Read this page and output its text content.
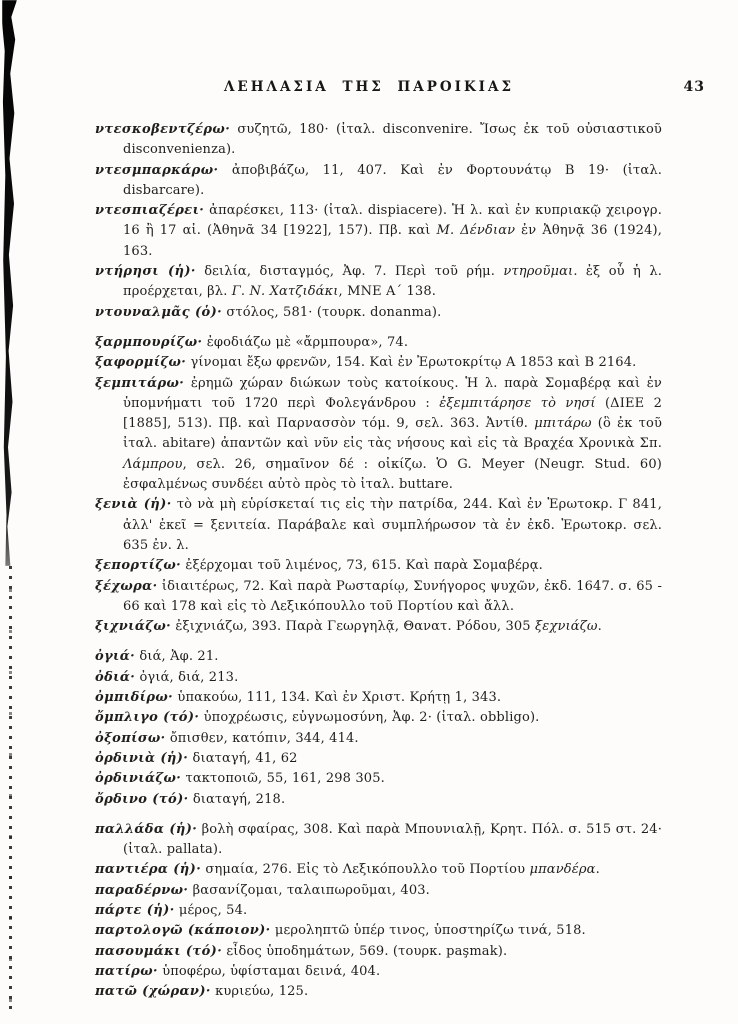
ΛΕΗΛΑΣΙΑ ΤΗΣ ΠΑΡΟΙΚΙΑΣ	43

ντεσκοβεντζέρω· συζητῶ, 180· (ἰταλ. disconvenire. Ἴσως ἐκ τοῦ οὐσιαστικοῦ disconvenienza).

ντεσμπαρκάρω· ἀποβιβάζω, 11, 407. Καὶ ἐν Φορτουνάτῳ Β 19· (ἰταλ. disbarcare).

ντεσπιαζέρει· ἀπαρέσκει, 113· (ἰταλ. dispiacere). Ἡ λ. καὶ ἐν κυπριακῷ χειρογρ. 16 ἢ 17 αἰ. (Ἀθηνᾶ 34 [1922], 157). Πβ. καὶ Μ. Δένδιαν ἐν Ἀθηνᾷ 36 (1924), 163.

ντήρησι (ἡ)· δειλία, δισταγμός, Ἀφ. 7. Περὶ τοῦ ρήμ. ντηροῦμαι. ἐξ οὗ ἡ λ. προέρχεται, βλ. Γ. Ν. Χατζιδάκι, ΜΝΕ Α´ 138.

ντουναλμᾶς (ὁ)· στόλος, 581· (τουρκ. donanma).

ξαρμπουρίζω· ἐφοδιάζω μὲ «ἄρμπουρα», 74.

ξαφορμίζω· γίνομαι ἔξω φρενῶν, 154. Καὶ ἐν Ἐρωτοκρίτῳ Α 1853 καὶ Β 2164.

ξεμπιτάρω· ἐρημῶ χώραν διώκων τοὺς κατοίκους. Ἡ λ. παρὰ Σομαβέρᾳ καὶ ἐν ὑπομνήματι τοῦ 1720 περὶ Φολεγάνδρου : ἐξεμπιτάρησε τὸ νησί (ΔΙΕΕ 2 [1885], 513). Πβ. καὶ Παρνασσὸν τόμ. 9, σελ. 363. Ἀντίθ. μπιτάρω (ὃ ἐκ τοῦ ἰταλ. abitare) ἀπαντῶν καὶ νῦν εἰς τὰς νήσους καὶ εἰς τὰ Βραχέα Χρονικὰ Σπ. Λάμπρου, σελ. 26, σημαῖνον δέ : οἰκίζω. Ὁ G. Meyer (Neugr. Stud. 60) ἐσφαλμένως συνδέει αὐτὸ πρὸς τὸ ἰταλ. buttare.

ξενιὰ (ἡ)· τὸ νὰ μὴ εὑρίσκεταί τις εἰς τὴν πατρίδα, 244. Καὶ ἐν Ἐρωτοκρ. Γ 841, ἀλλ' ἐκεῖ = ξενιτεία. Παράβαλε καὶ συμπλήρωσον τὰ ἐν ἐκδ. Ἐρωτοκρ. σελ. 635 ἐν. λ.

ξεπορτίζω· ἐξέρχομαι τοῦ λιμένος, 73, 615. Καὶ παρὰ Σομαβέρᾳ.

ξέχωρα· ἰδιαιτέρως, 72. Καὶ παρὰ Ρωσταρίῳ, Συνήγορος ψυχῶν, ἐκδ. 1647. σ. 65 - 66 καὶ 178 καὶ εἰς τὸ Λεξικόπουλλο τοῦ Πορτίου καὶ ἄλλ.

ξιχνιάζω· ἐξιχνιάζω, 393. Παρὰ Γεωργηλᾷ, Θανατ. Ρόδου, 305 ξεχνιάζω.

ὀγιά· διά, Ἀφ. 21.

ὀδιά· ὀγιά, διά, 213.

ὀμπιδίρω· ὑπακούω, 111, 134. Καὶ ἐν Χριστ. Κρήτῃ 1, 343.

ὄμπλιγο (τό)· ὑποχρέωσις, εὐγνωμοσύνη, Ἀφ. 2· (ἰταλ. obbligo).

ὀξοπίσω· ὄπισθεν, κατόπιν, 344, 414.

ὀρδινιὰ (ἡ)· διαταγή, 41, 62

ὀρδινιάζω· τακτοποιῶ, 55, 161, 298 305.

ὄρδινο (τό)· διαταγή, 218.

παλλάδα (ἡ)· βολὴ σφαίρας, 308. Καὶ παρὰ Μπουνιαλῇ, Κρητ. Πόλ. σ. 515 στ. 24· (ἰταλ. pallata).

παντιέρα (ἡ)· σημαία, 276. Εἰς τὸ Λεξικόπουλλο τοῦ Πορτίου μπανδέρα.

παραδέρνω· βασανίζομαι, ταλαιπωροῦμαι, 403.

πάρτε (ἡ)· μέρος, 54.

παρτολογῶ (κάποιον)· μεροληπτῶ ὑπέρ τινος, ὑποστηρίζω τινά, 518.

πασουμάκι (τό)· εἶδος ὑποδημάτων, 569. (τουρκ. paşmak).

πατίρω· ὑποφέρω, ὑφίσταμαι δεινά, 404.

πατῶ (χώραν)· κυριεύω, 125.
